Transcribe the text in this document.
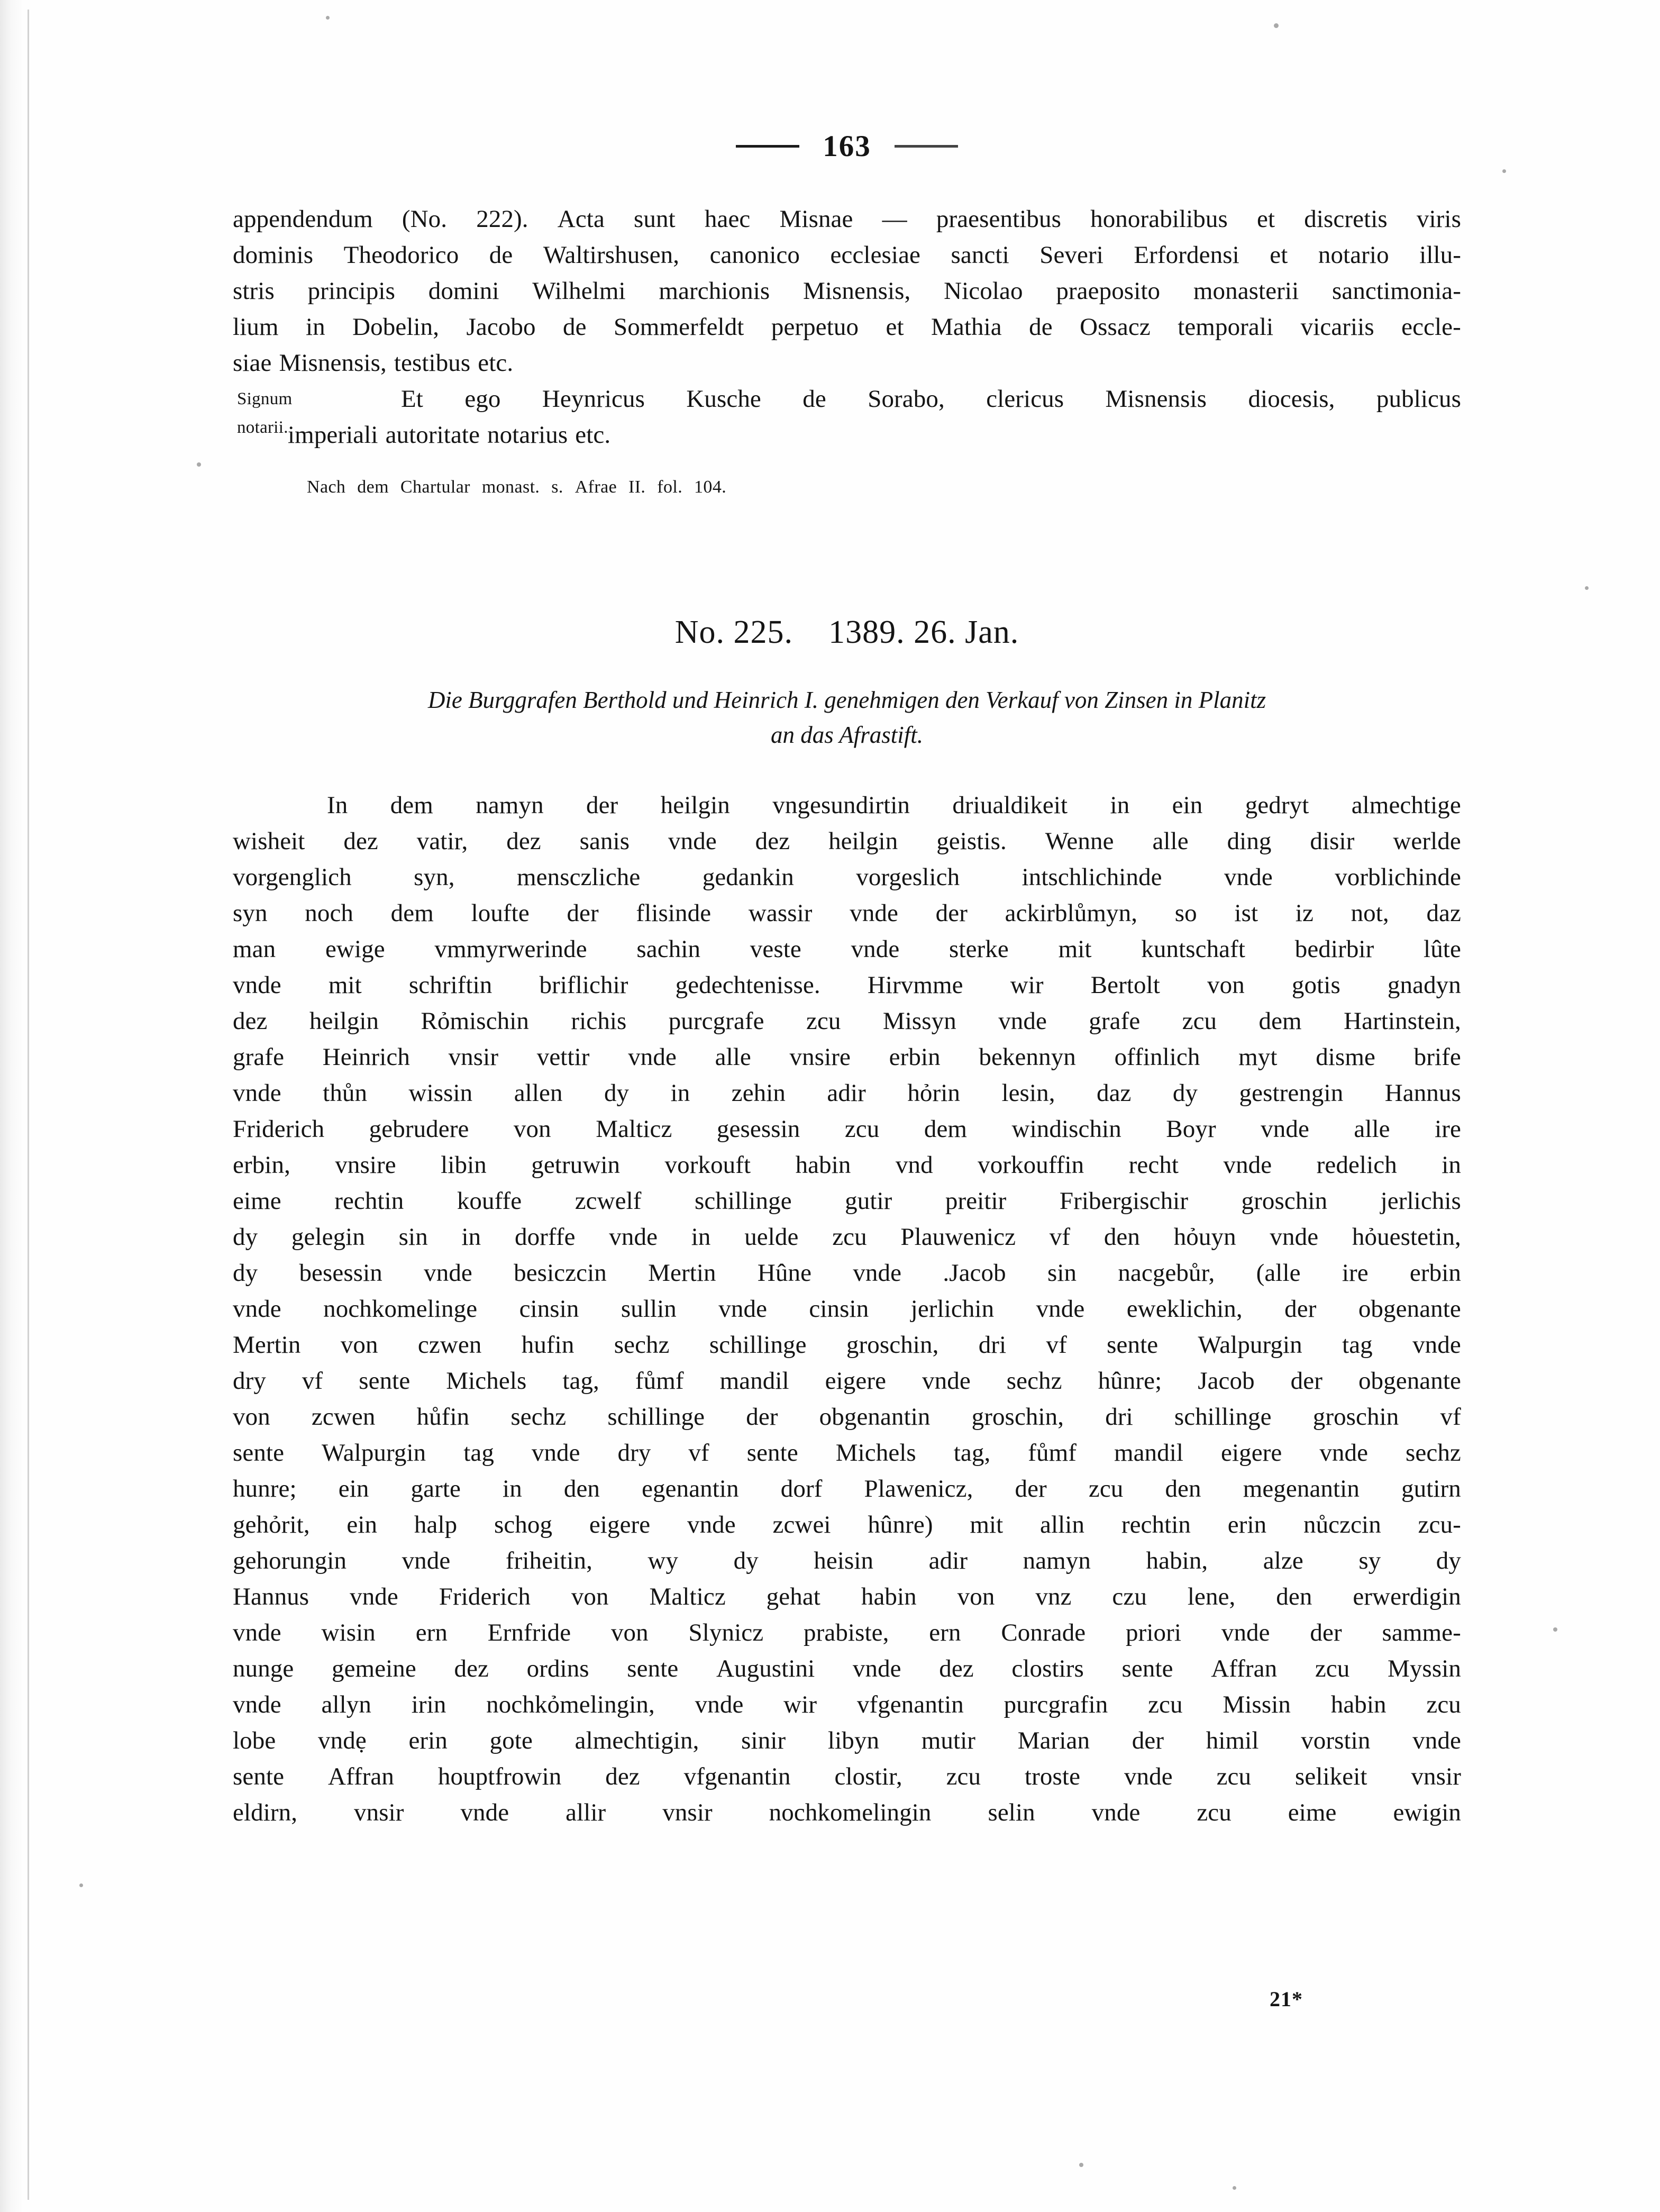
163
appendendum (No. 222). Acta sunt haec Misnae — praesentibus honorabilibus et discretis viris
dominis Theodorico de Waltirshusen, canonico ecclesiae sancti Severi Erfordensi et notario illu-
stris principis domini Wilhelmi marchionis Misnensis, Nicolao praeposito monasterii sanctimonia-
lium in Dobelin, Jacobo de Sommerfeldt perpetuo et Mathia de Ossacz temporali vicariis eccle-
siae Misnensis, testibus etc.
Signum
notarii.
Et ego Heynricus Kusche de Sorabo, clericus Misnensis diocesis, publicus
imperiali autoritate notarius etc.
Nach dem Chartular monast. s. Afrae II. fol. 104.
No. 225. 1389. 26. Jan.
Die Burggrafen Berthold und Heinrich I. genehmigen den Verkauf von Zinsen in Planitz
an das Afrastift.
In dem namyn der heilgin vngesundirtin driualdikeit in ein gedryt almechtige
wisheit dez vatir, dez sanis vnde dez heilgin geistis. Wenne alle ding disir werlde
vorgenglich syn, mensczliche gedankin vorgeslich intschlichinde vnde vorblichinde
syn noch dem loufte der flisinde wassir vnde der ackirblůmyn, so ist iz not, daz
man ewige vmmyrwerinde sachin veste vnde sterke mit kuntschaft bedirbir lûte
vnde mit schriftin briflichir gedechtenisse. Hirvmme wir Bertolt von gotis gnadyn
dez heilgin Rỏmischin richis purcgrafe zcu Missyn vnde grafe zcu dem Hartinstein,
grafe Heinrich vnsir vettir vnde alle vnsire erbin bekennyn offinlich myt disme brife
vnde thůn wissin allen dy in zehin adir hỏrin lesin, daz dy gestrengin Hannus
Friderich gebrudere von Malticz gesessin zcu dem windischin Boyr vnde alle ire
erbin, vnsire libin getruwin vorkouft habin vnd vorkouffin recht vnde redelich in
eime rechtin kouffe zcwelf schillinge gutir preitir Fribergischir groschin jerlichis
dy gelegin sin in dorffe vnde in uelde zcu Plauwenicz vf den hỏuyn vnde hỏuestetin,
dy besessin vnde besiczcin Mertin Hûne vnde .Jacob sin nacgebůr, (alle ire erbin
vnde nochkomelinge cinsin sullin vnde cinsin jerlichin vnde eweklichin, der obgenante
Mertin von czwen hufin sechz schillinge groschin, dri vf sente Walpurgin tag vnde
dry vf sente Michels tag, fůmf mandil eigere vnde sechz hûnre; Jacob der obgenante
von zcwen hůfin sechz schillinge der obgenantin groschin, dri schillinge groschin vf
sente Walpurgin tag vnde dry vf sente Michels tag, fůmf mandil eigere vnde sechz
hunre; ein garte in den egenantin dorf Plawenicz, der zcu den megenantin gutirn
gehỏrit, ein halp schog eigere vnde zcwei hûnre) mit allin rechtin erin nůczcin zcu-
gehorungin vnde friheitin, wy dy heisin adir namyn habin, alze sy dy
Hannus vnde Friderich von Malticz gehat habin von vnz czu lene, den erwerdigin
vnde wisin ern Ernfride von Slynicz prabiste, ern Conrade priori vnde der samme-
nunge gemeine dez ordins sente Augustini vnde dez clostirs sente Affran zcu Myssin
vnde allyn irin nochkỏmelingin, vnde wir vfgenantin purcgrafin zcu Missin habin zcu
lobe vndẹ erin gote almechtigin, sinir libyn mutir Marian der himil vorstin vnde
sente Affran houptfrowin dez vfgenantin clostir, zcu troste vnde zcu selikeit vnsir
eldirn, vnsir vnde allir vnsir nochkomelingin selin vnde zcu eime ewigin
21*
